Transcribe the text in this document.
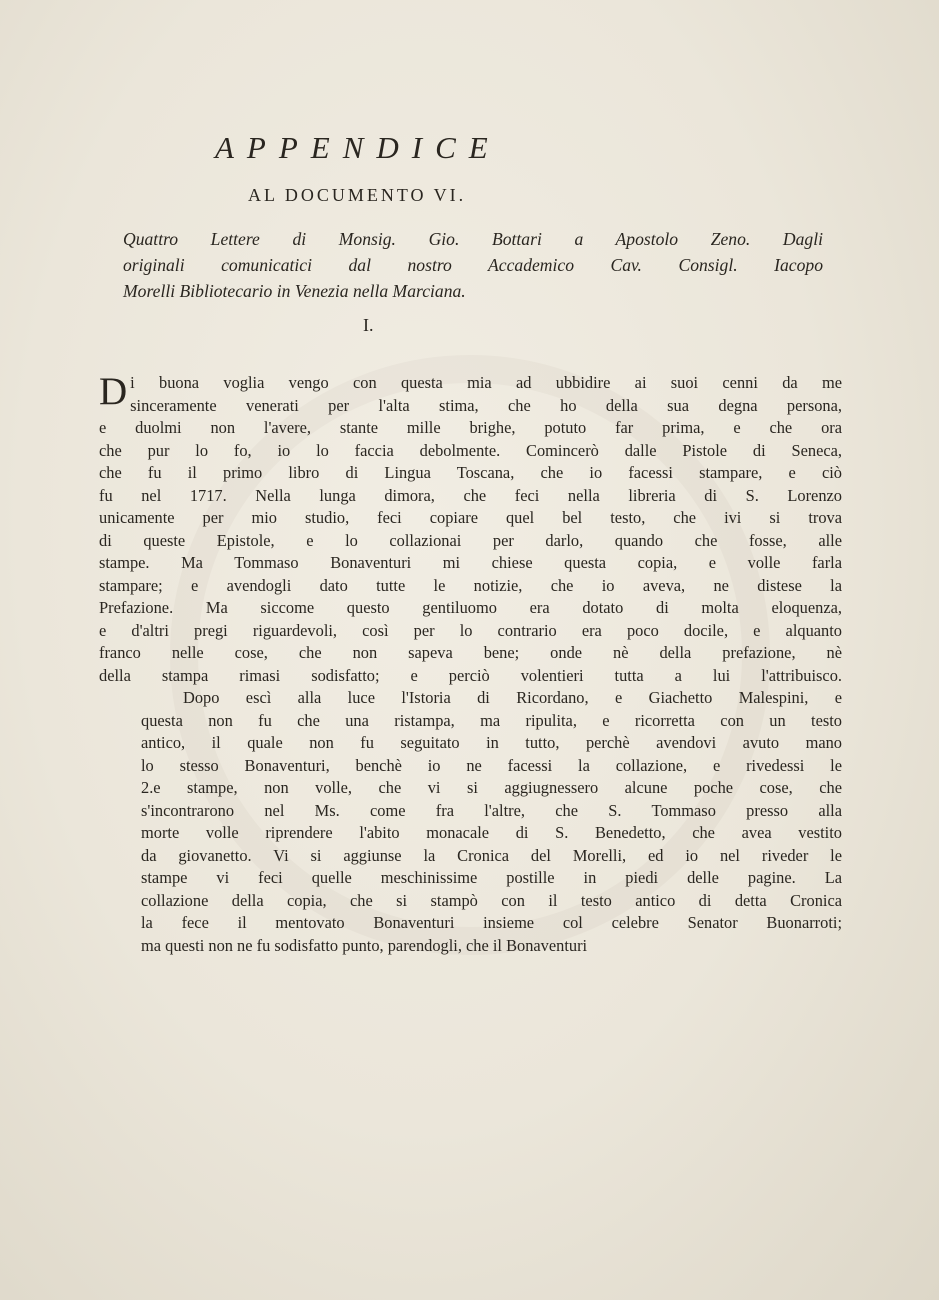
APPENDICE
AL DOCUMENTO VI.
Quattro Lettere di Monsig. Gio. Bottari a Apostolo Zeno. Dagli
originali comunicatici dal nostro Accademico Cav. Consigl. Iacopo
Morelli Bibliotecario in Venezia nella Marciana.
I.

D i buona voglia vengo con questa mia ad ubbidire ai suoi cenni da me
sinceramente venerati per l'alta stima, che ho della sua degna persona,
e duolmi non l'avere, stante mille brighe, potuto far prima, e che ora
che pur lo fo, io lo faccia debolmente. Comincerò dalle Pistole di Seneca,
che fu il primo libro di Lingua Toscana, che io facessi stampare, e ciò
fu nel 1717. Nella lunga dimora, che feci nella libreria di S. Lorenzo
unicamente per mio studio, feci copiare quel bel testo, che ivi si trova
di queste Epistole, e lo collazionai per darlo, quando che fosse, alle
stampe. Ma Tommaso Bonaventuri mi chiese questa copia, e volle farla
stampare; e avendogli dato tutte le notizie, che io aveva, ne distese la
Prefazione. Ma siccome questo gentiluomo era dotato di molta eloquenza,
e d'altri pregi riguardevoli, così per lo contrario era poco docile, e alquanto
franco nelle cose, che non sapeva bene; onde nè della prefazione, nè
della stampa rimasi sodisfatto; e perciò volentieri tutta a lui l'attribuisco.

Dopo escì alla luce l'Istoria di Ricordano, e Giachetto Malespini, e
questa non fu che una ristampa, ma ripulita, e ricorretta con un testo
antico, il quale non fu seguitato in tutto, perchè avendovi avuto mano
lo stesso Bonaventuri, benchè io ne facessi la collazione, e rivedessi le
2.e stampe, non volle, che vi si aggiugnessero alcune poche cose, che
s'incontrarono nel Ms. come fra l'altre, che S. Tommaso presso alla
morte volle riprendere l'abito monacale di S. Benedetto, che avea vestito
da giovanetto. Vi si aggiunse la Cronica del Morelli, ed io nel riveder le
stampe vi feci quelle meschinissime postille in piedi delle pagine. La
collazione della copia, che si stampò con il testo antico di detta Cronica
la fece il mentovato Bonaventuri insieme col celebre Senator Buonarroti;
ma questi non ne fu sodisfatto punto, parendogli, che il Bonaventuri
